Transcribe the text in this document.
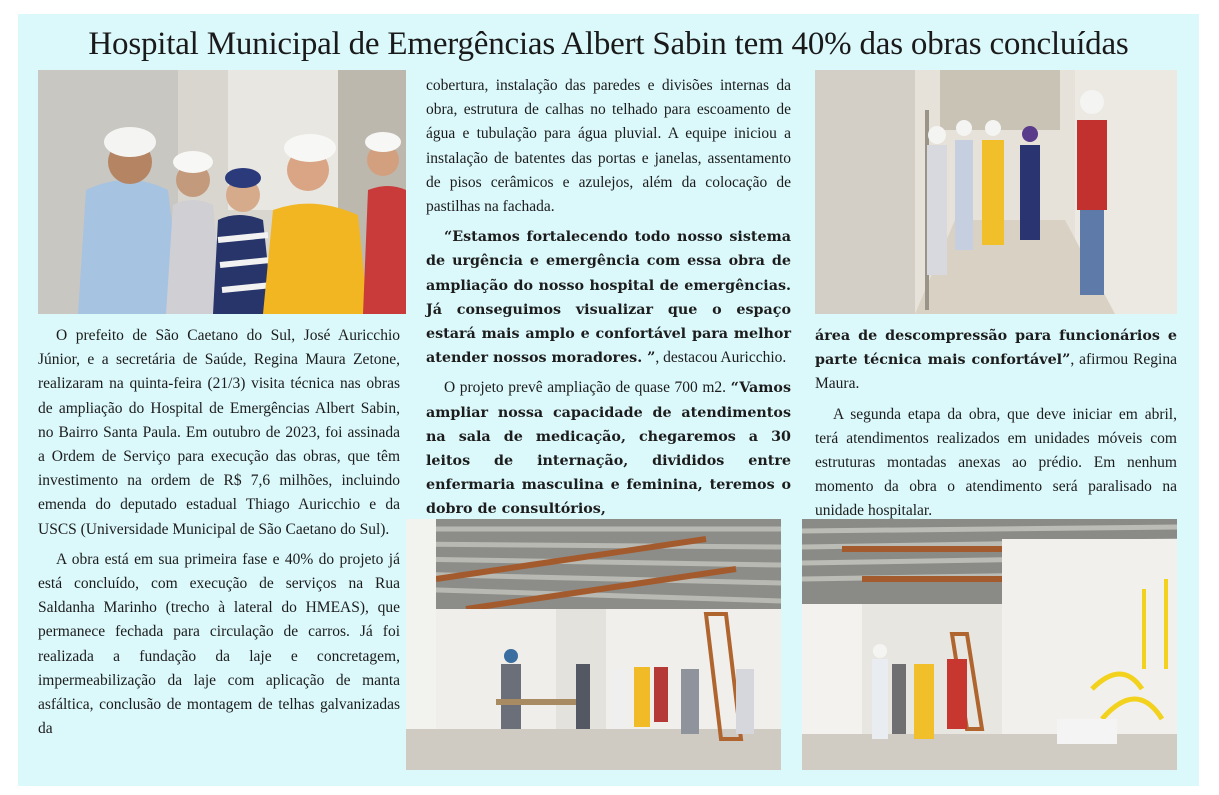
Hospital Municipal de Emergências Albert Sabin tem 40% das obras concluídas

O prefeito de São Caetano do Sul, José Auricchio Júnior, e a secretária de Saúde, Regina Maura Zetone, realizaram na quinta-feira (21/3) visita técnica nas obras de ampliação do Hospital de Emergências Albert Sabin, no Bairro Santa Paula. Em outubro de 2023, foi assinada a Ordem de Serviço para execução das obras, que têm investimento na ordem de R$ 7,6 milhões, incluindo emenda do deputado estadual Thiago Auricchio e da USCS (Universidade Municipal de São Caetano do Sul).

A obra está em sua primeira fase e 40% do projeto já está concluído, com execução de serviços na Rua Saldanha Marinho (trecho à lateral do HMEAS), que permanece fechada para circulação de carros. Já foi realizada a fundação da laje e concretagem, impermeabilização da laje com aplicação de manta asfáltica, conclusão de montagem de telhas galvanizadas da

cobertura, instalação das paredes e divisões internas da obra, estrutura de calhas no telhado para escoamento de água e tubulação para água pluvial. A equipe iniciou a instalação de batentes das portas e janelas, assentamento de pisos cerâmicos e azulejos, além da colocação de pastilhas na fachada.

“Estamos fortalecendo todo nosso sistema de urgência e emergência com essa obra de ampliação do nosso hospital de emergências. Já conseguimos visualizar que o espaço estará mais amplo e confortável para melhor atender nossos moradores. ”, destacou Auricchio.

O projeto prevê ampliação de quase 700 m2. “Vamos ampliar nossa capacidade de atendimentos na sala de medicação, chegaremos a 30 leitos de internação, divididos entre enfermaria masculina e feminina, teremos o dobro de consultórios,

área de descompressão para funcionários e parte técnica mais confortável”, afirmou Regina Maura.

A segunda etapa da obra, que deve iniciar em abril, terá atendimentos realizados em unidades móveis com estruturas montadas anexas ao prédio. Em nenhum momento da obra o atendimento será paralisado na unidade hospitalar.
